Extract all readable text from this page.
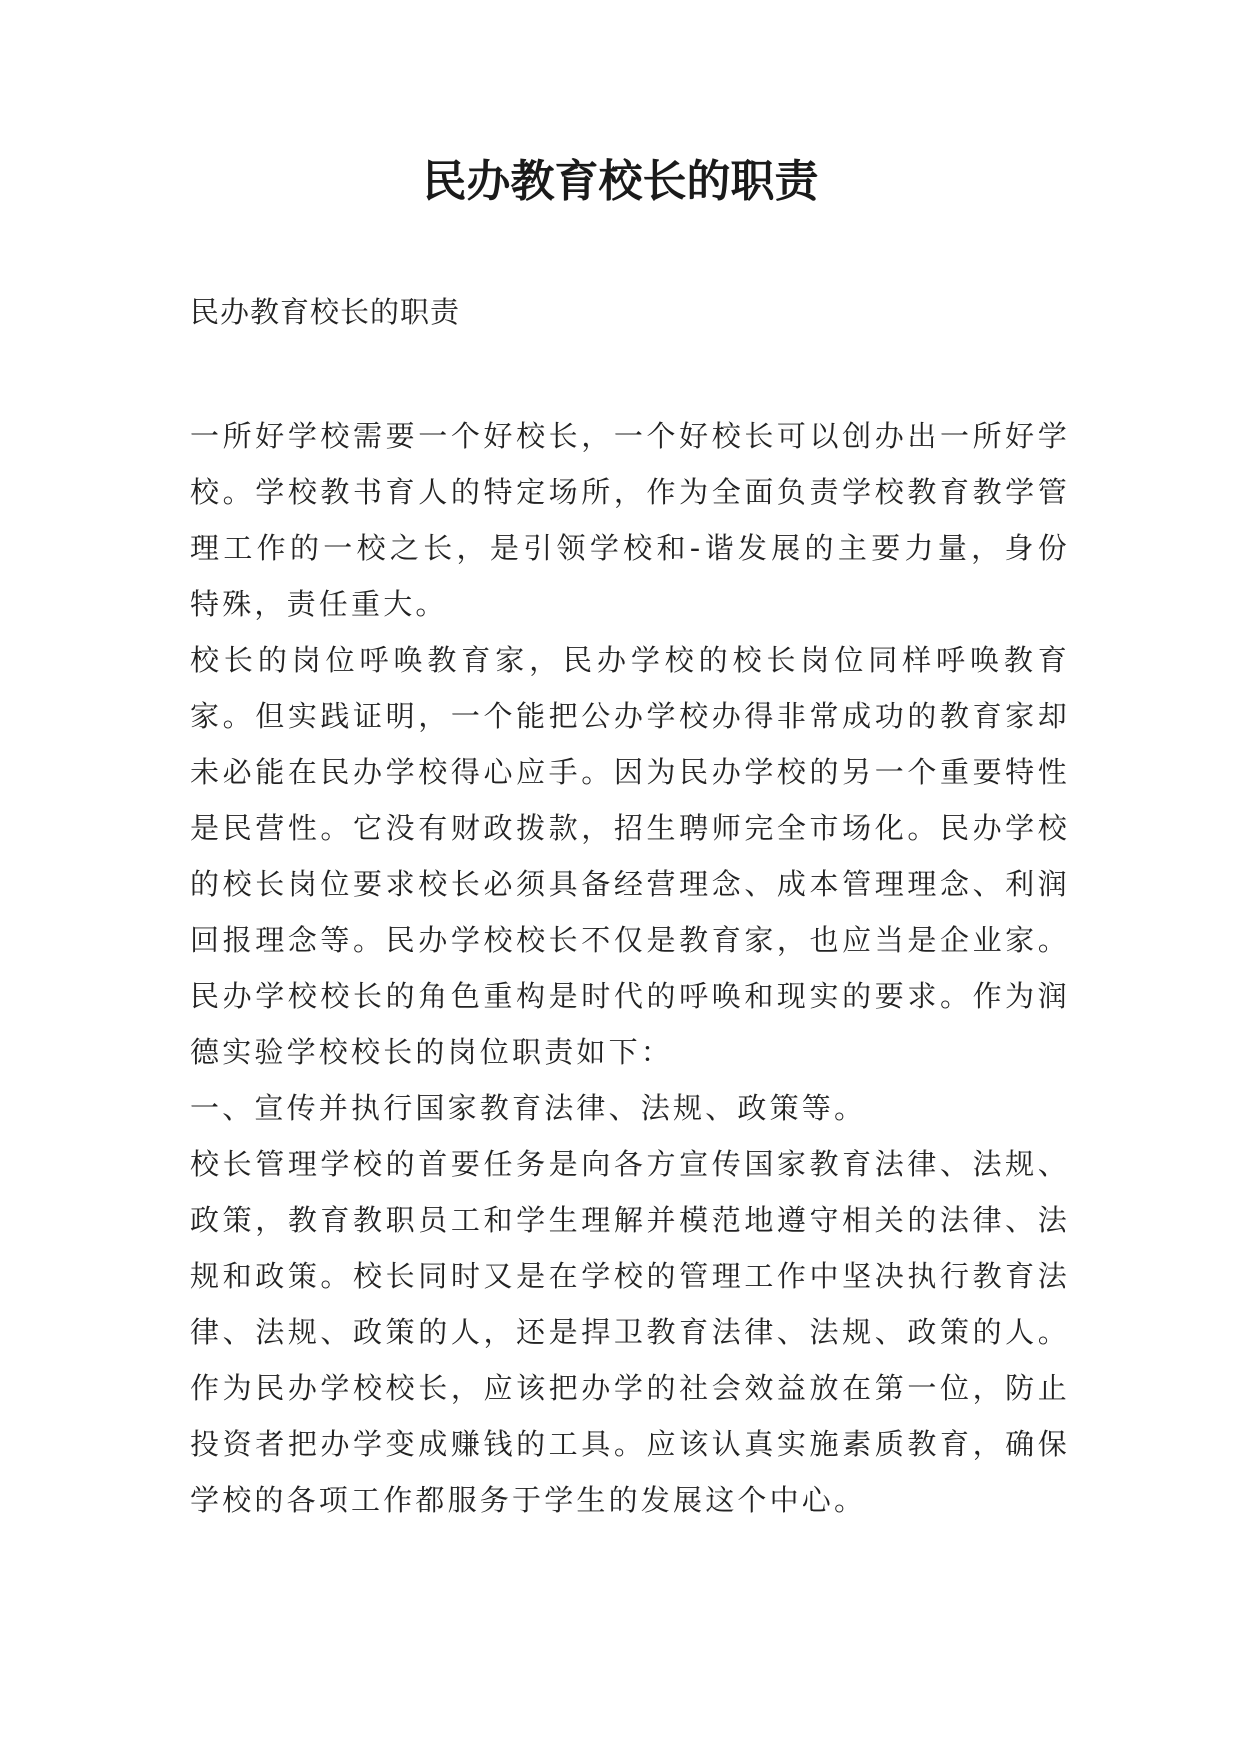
民办教育校长的职责

民办教育校长的职责

一所好学校需要一个好校长，一个好校长可以创办出一所好学校。学校教书育人的特定场所，作为全面负责学校教育教学管理工作的一校之长，是引领学校和-谐发展的主要力量，身份特殊，责任重大。

校长的岗位呼唤教育家，民办学校的校长岗位同样呼唤教育家。但实践证明，一个能把公办学校办得非常成功的教育家却未必能在民办学校得心应手。因为民办学校的另一个重要特性是民营性。它没有财政拨款，招生聘师完全市场化。民办学校的校长岗位要求校长必须具备经营理念、成本管理理念、利润回报理念等。民办学校校长不仅是教育家，也应当是企业家。民办学校校长的角色重构是时代的呼唤和现实的要求。作为润德实验学校校长的岗位职责如下：

一、宣传并执行国家教育法律、法规、政策等。

校长管理学校的首要任务是向各方宣传国家教育法律、法规、政策，教育教职员工和学生理解并模范地遵守相关的法律、法规和政策。校长同时又是在学校的管理工作中坚决执行教育法律、法规、政策的人，还是捍卫教育法律、法规、政策的人。作为民办学校校长，应该把办学的社会效益放在第一位，防止投资者把办学变成赚钱的工具。应该认真实施素质教育，确保学校的各项工作都服务于学生的发展这个中心。
